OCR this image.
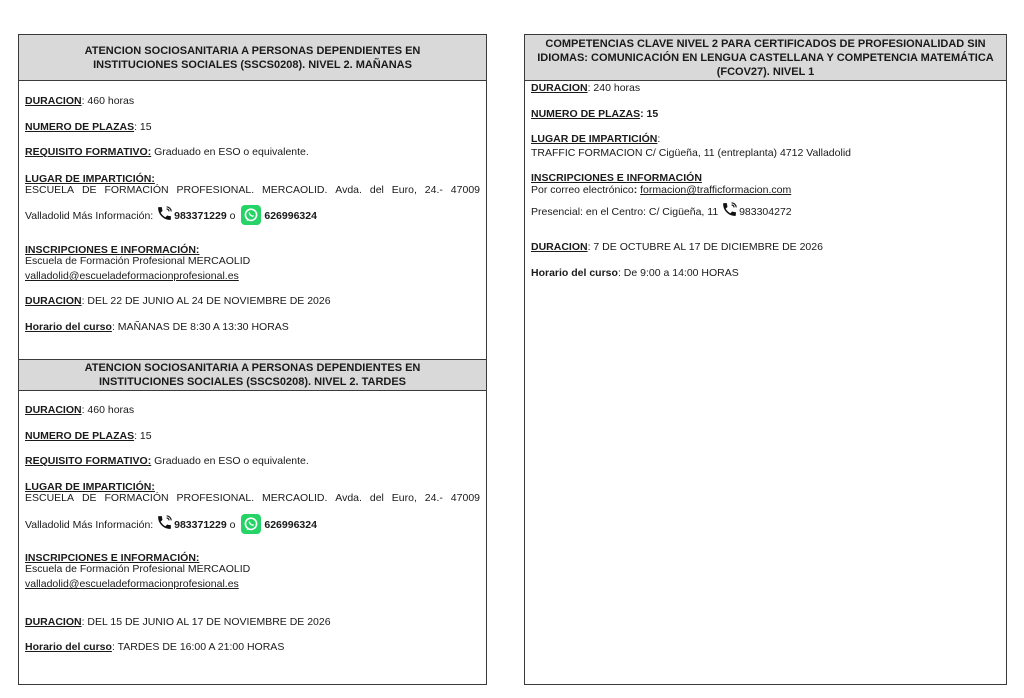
ATENCION SOCIOSANITARIA A PERSONAS DEPENDIENTES EN
INSTITUCIONES SOCIALES (SSCS0208). NIVEL 2. MAÑANAS
DURACION: 460 horas
NUMERO DE PLAZAS: 15
REQUISITO FORMATIVO: Graduado en ESO o equivalente.
LUGAR DE IMPARTICIÓN:
ESCUELA DE FORMACIÓN PROFESIONAL. MERCAOLID. Avda. del Euro, 24.- 47009
Valladolid Más Información: 983371229 o 626996324
INSCRIPCIONES E INFORMACIÓN:
Escuela de Formación Profesional MERCAOLID
valladolid@escueladeformacionprofesional.es
DURACION: DEL 22 DE JUNIO AL 24 DE NOVIEMBRE DE 2026
Horario del curso: MAÑANAS DE 8:30 A 13:30 HORAS
ATENCION SOCIOSANITARIA A PERSONAS DEPENDIENTES EN
INSTITUCIONES SOCIALES (SSCS0208). NIVEL 2. TARDES
DURACION: 460 horas
NUMERO DE PLAZAS: 15
REQUISITO FORMATIVO: Graduado en ESO o equivalente.
LUGAR DE IMPARTICIÓN:
ESCUELA DE FORMACIÓN PROFESIONAL. MERCAOLID. Avda. del Euro, 24.- 47009
Valladolid Más Información: 983371229 o 626996324
INSCRIPCIONES E INFORMACIÓN:
Escuela de Formación Profesional MERCAOLID
valladolid@escueladeformacionprofesional.es
DURACION: DEL 15 DE JUNIO AL 17 DE NOVIEMBRE DE 2026
Horario del curso: TARDES DE 16:00 A 21:00 HORAS
COMPETENCIAS CLAVE NIVEL 2 PARA CERTIFICADOS DE PROFESIONALIDAD SIN
IDIOMAS: COMUNICACIÓN EN LENGUA CASTELLANA Y COMPETENCIA MATEMÁTICA
(FCOV27). NIVEL 1
DURACION: 240 horas
NUMERO DE PLAZAS: 15
LUGAR DE IMPARTICIÓN:
TRAFFIC FORMACION C/ Cigüeña, 11 (entreplanta) 4712 Valladolid
INSCRIPCIONES E INFORMACIÓN
Por correo electrónico: formacion@trafficformacion.com
Presencial: en el Centro: C/ Cigüeña, 11 983304272
DURACION: 7 DE OCTUBRE AL 17 DE DICIEMBRE DE 2026
Horario del curso: De 9:00 a 14:00 HORAS
